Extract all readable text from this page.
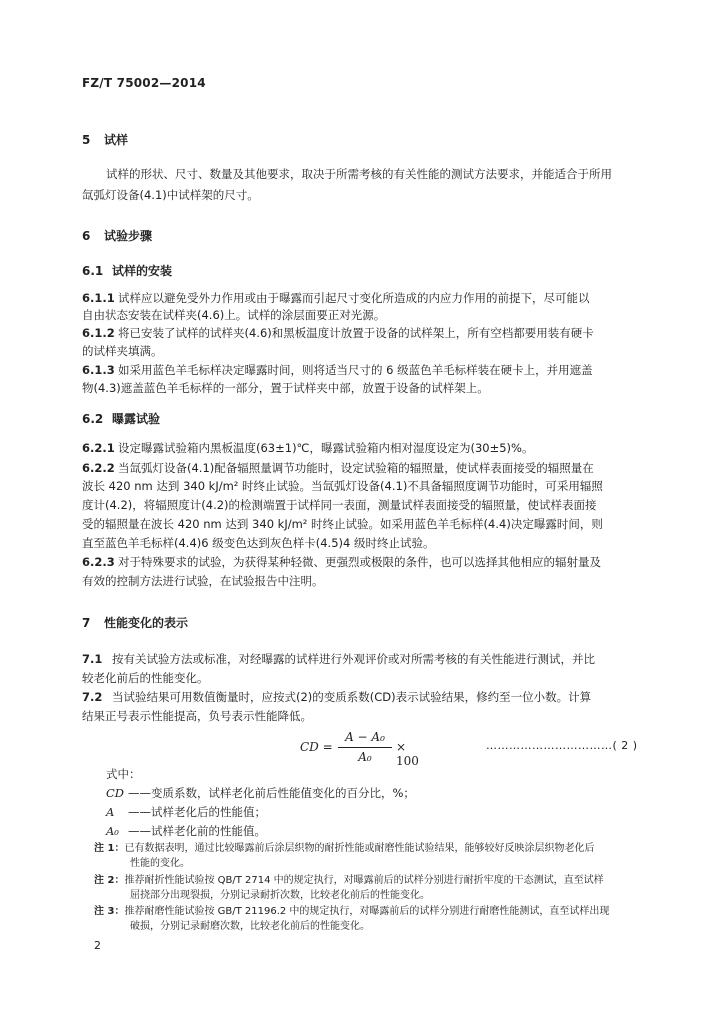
FZ/T 75002—2014
5 试样
试样的形状、尺寸、数量及其他要求，取决于所需考核的有关性能的测试方法要求，并能适合于所用
氙弧灯设备(4.1)中试样架的尺寸。
6 试验步骤
6.1 试样的安装
6.1.1 试样应以避免受外力作用或由于曝露而引起尺寸变化所造成的内应力作用的前提下，尽可能以
自由状态安装在试样夹(4.6)上。试样的涂层面要正对光源。
6.1.2 将已安装了试样的试样夹(4.6)和黑板温度计放置于设备的试样架上，所有空档都要用装有硬卡
的试样夹填满。
6.1.3 如采用蓝色羊毛标样决定曝露时间，则将适当尺寸的 6 级蓝色羊毛标样装在硬卡上，并用遮盖
物(4.3)遮盖蓝色羊毛标样的一部分，置于试样夹中部，放置于设备的试样架上。
6.2 曝露试验
6.2.1 设定曝露试验箱内黑板温度(63±1)℃，曝露试验箱内相对湿度设定为(30±5)%。
6.2.2 当氙弧灯设备(4.1)配备辐照量调节功能时，设定试验箱的辐照量，使试样表面接受的辐照量在
波长 420 nm 达到 340 kJ/m² 时终止试验。当氙弧灯设备(4.1)不具备辐照度调节功能时，可采用辐照
度计(4.2)，将辐照度计(4.2)的检测端置于试样同一表面，测量试样表面接受的辐照量，使试样表面接
受的辐照量在波长 420 nm 达到 340 kJ/m² 时终止试验。如采用蓝色羊毛标样(4.4)决定曝露时间，则
直至蓝色羊毛标样(4.4)6 级变色达到灰色样卡(4.5)4 级时终止试验。
6.2.3 对于特殊要求的试验，为获得某种轻微、更强烈或极限的条件，也可以选择其他相应的辐射量及
有效的控制方法进行试验，在试验报告中注明。
7 性能变化的表示
7.1 按有关试验方法或标准，对经曝露的试样进行外观评价或对所需考核的有关性能进行测试，并比
较老化前后的性能变化。
7.2 当试验结果可用数值衡量时，应按式(2)的变质系数(CD)表示试验结果，修约至一位小数。计算
结果正号表示性能提高，负号表示性能降低。
CD =
A − A₀
A₀
× 100
……………………………( 2 )
式中：
CD ——变质系数，试样老化前后性能值变化的百分比，%；
A ——试样老化后的性能值；
A₀ ——试样老化前的性能值。
注 1：已有数据表明，通过比较曝露前后涂层织物的耐折性能或耐磨性能试验结果，能够较好反映涂层织物老化后
性能的变化。
注 2：推荐耐折性能试验按 QB/T 2714 中的规定执行，对曝露前后的试样分别进行耐折牢度的干态测试，直至试样
屈挠部分出现裂损，分别记录耐折次数，比较老化前后的性能变化。
注 3：推荐耐磨性能试验按 GB/T 21196.2 中的规定执行，对曝露前后的试样分别进行耐磨性能测试，直至试样出现
破损，分别记录耐磨次数，比较老化前后的性能变化。
2
